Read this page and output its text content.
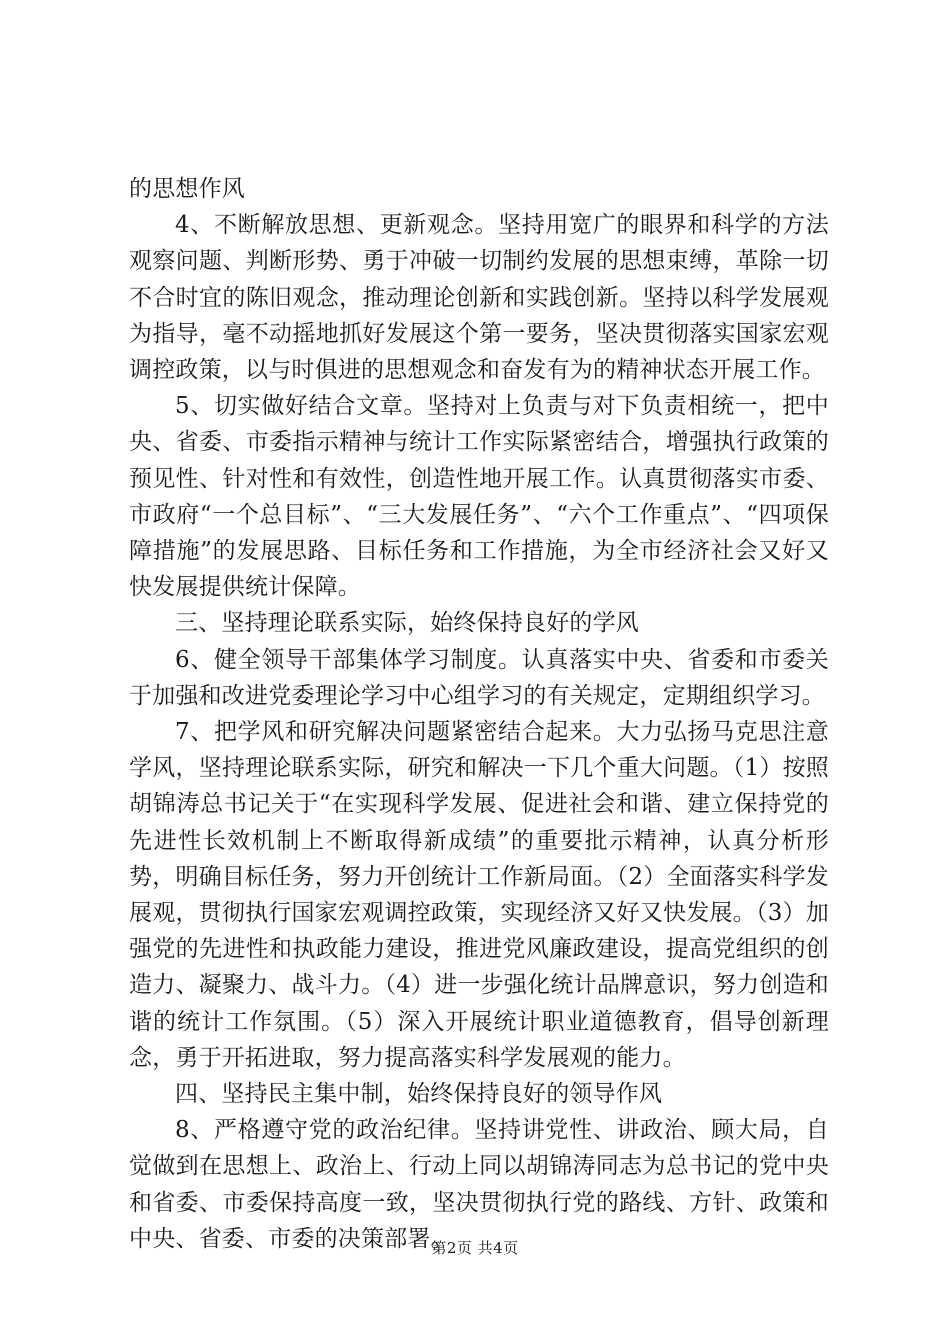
的思想作风

4、不断解放思想、更新观念。坚持用宽广的眼界和科学的方法观察问题、判断形势、勇于冲破一切制约发展的思想束缚，革除一切不合时宜的陈旧观念，推动理论创新和实践创新。坚持以科学发展观为指导，毫不动摇地抓好发展这个第一要务，坚决贯彻落实国家宏观调控政策，以与时俱进的思想观念和奋发有为的精神状态开展工作。

5、切实做好结合文章。坚持对上负责与对下负责相统一，把中央、省委、市委指示精神与统计工作实际紧密结合，增强执行政策的预见性、针对性和有效性，创造性地开展工作。认真贯彻落实市委、市政府“一个总目标”、“三大发展任务”、“六个工作重点”、“四项保障措施”的发展思路、目标任务和工作措施，为全市经济社会又好又快发展提供统计保障。

三、坚持理论联系实际，始终保持良好的学风

6、健全领导干部集体学习制度。认真落实中央、省委和市委关于加强和改进党委理论学习中心组学习的有关规定，定期组织学习。

7、把学风和研究解决问题紧密结合起来。大力弘扬马克思注意学风，坚持理论联系实际，研究和解决一下几个重大问题。（1）按照胡锦涛总书记关于“在实现科学发展、促进社会和谐、建立保持党的先进性长效机制上不断取得新成绩”的重要批示精神，认真分析形势，明确目标任务，努力开创统计工作新局面。（2）全面落实科学发展观，贯彻执行国家宏观调控政策，实现经济又好又快发展。（3）加强党的先进性和执政能力建设，推进党风廉政建设，提高党组织的创造力、凝聚力、战斗力。（4）进一步强化统计品牌意识，努力创造和谐的统计工作氛围。（5）深入开展统计职业道德教育，倡导创新理念，勇于开拓进取，努力提高落实科学发展观的能力。

四、坚持民主集中制，始终保持良好的领导作风

8、严格遵守党的政治纪律。坚持讲党性、讲政治、顾大局，自觉做到在思想上、政治上、行动上同以胡锦涛同志为总书记的党中央和省委、市委保持高度一致，坚决贯彻执行党的路线、方针、政策和中央、省委、市委的决策部署。

第2页 共4页
